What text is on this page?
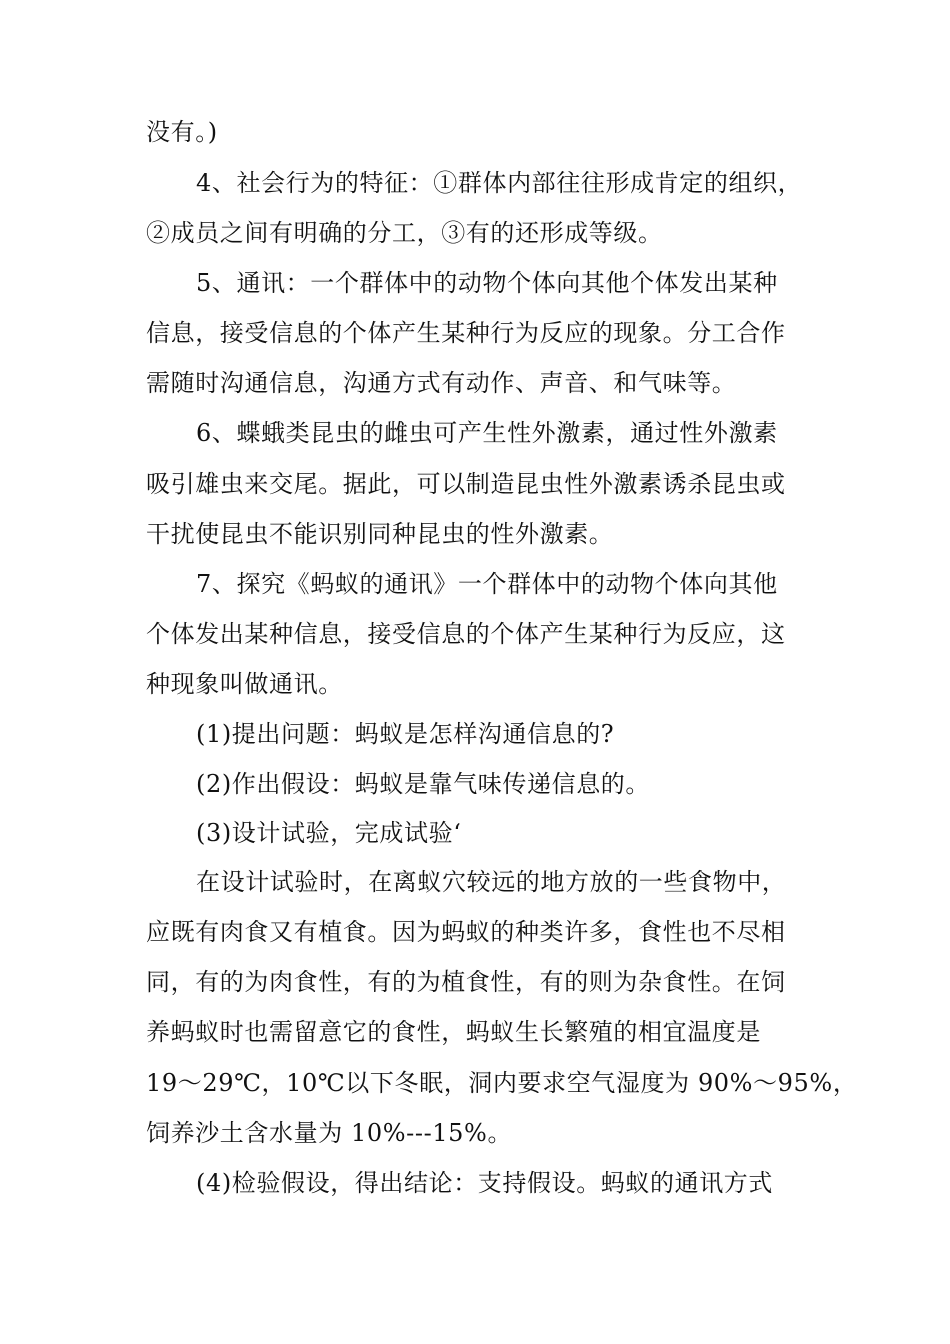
没有。)
4、社会行为的特征：①群体内部往往形成肯定的组织，
②成员之间有明确的分工，③有的还形成等级。
5、通讯：一个群体中的动物个体向其他个体发出某种
信息，接受信息的个体产生某种行为反应的现象。分工合作
需随时沟通信息，沟通方式有动作、声音、和气味等。
6、蝶蛾类昆虫的雌虫可产生性外激素，通过性外激素
吸引雄虫来交尾。据此，可以制造昆虫性外激素诱杀昆虫或
干扰使昆虫不能识别同种昆虫的性外激素。
7、探究《蚂蚁的通讯》一个群体中的动物个体向其他
个体发出某种信息，接受信息的个体产生某种行为反应，这
种现象叫做通讯。
(1)提出问题：蚂蚁是怎样沟通信息的?
(2)作出假设：蚂蚁是靠气味传递信息的。
(3)设计试验，完成试验‘
在设计试验时，在离蚁穴较远的地方放的一些食物中，
应既有肉食又有植食。因为蚂蚁的种类许多，食性也不尽相
同，有的为肉食性，有的为植食性，有的则为杂食性。在饲
养蚂蚁时也需留意它的食性，蚂蚁生长繁殖的相宜温度是
19～29℃，10℃以下冬眠，洞内要求空气湿度为 90%～95%，
饲养沙土含水量为 10%---15%。
(4)检验假设，得出结论：支持假设。蚂蚁的通讯方式
